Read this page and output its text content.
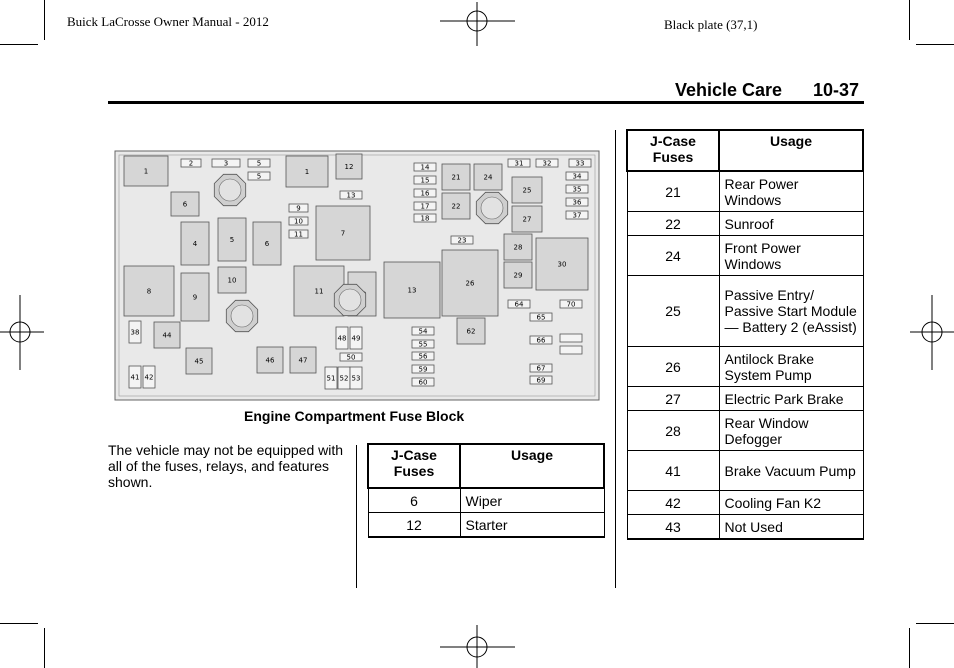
Buick LaCrosse Owner Manual - 2012	Black plate (37,1)
Vehicle Care 10-37
1
2	3	5
5
1
6	9
10
11
12
13
4	5	6
7
8
9
10
11	13
14
15
16
17
18
21
22
23
24
26
25
27
28
29
30
31	32	33
34
35
36
37
38
41 42
44
45	46	47
48 49
50
51 52 53
54
55
56
59
60
62
64
65
66
67
69
70
Engine Compartment Fuse Block
The vehicle may not be equipped with all of the fuses, relays, and features shown.
J-Case Fuses	Usage
6	Wiper
12	Starter
J-Case Fuses	Usage
21	Rear Power Windows
22	Sunroof
24	Front Power Windows
25	Passive Entry/ Passive Start Module — Battery 2 (eAssist)
26	Antilock Brake System Pump
27	Electric Park Brake
28	Rear Window Defogger
41	Brake Vacuum Pump
42	Cooling Fan K2
43	Not Used
